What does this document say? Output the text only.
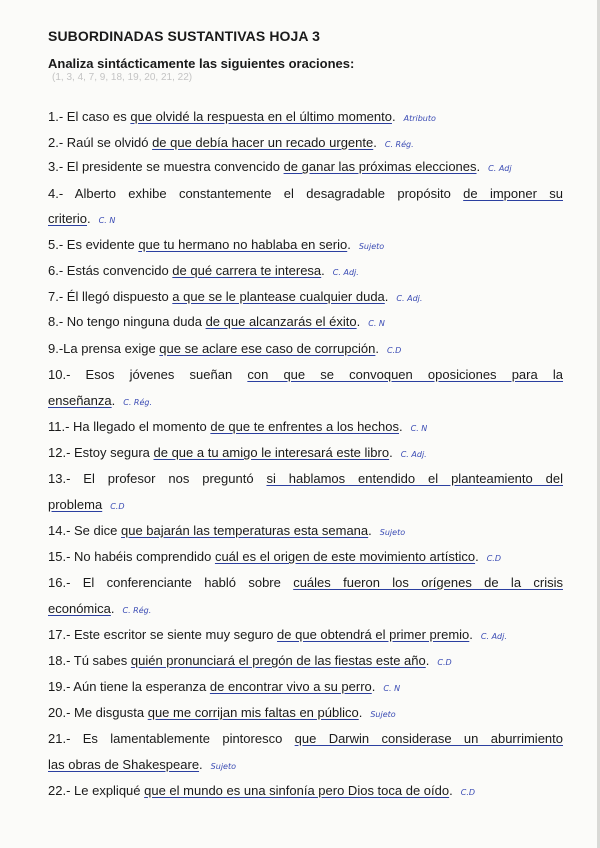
SUBORDINADAS SUSTANTIVAS HOJA 3
Analiza sintácticamente las siguientes oraciones:
(1, 3, 4, 7, 9, 18, 19, 20, 21, 22)
1.- El caso es que olvidé la respuesta en el último momento. Atributo
2.- Raúl se olvidó de que debía hacer un recado urgente. C. Rég.
3.- El presidente se muestra convencido de ganar las próximas elecciones. C. Adj
4.- Alberto exhibe constantemente el desagradable propósito de imponer su
criterio. C. N
5.- Es evidente que tu hermano no hablaba en serio. Sujeto
6.- Estás convencido de qué carrera te interesa. C. Adj.
7.- Él llegó dispuesto a que se le plantease cualquier duda. C. Adj.
8.- No tengo ninguna duda de que alcanzarás el éxito. C. N
9.-La prensa exige que se aclare ese caso de corrupción. C.D
10.- Esos jóvenes sueñan con que se convoquen oposiciones para la
enseñanza. C. Rég.
11.- Ha llegado el momento de que te enfrentes a los hechos. C. N
12.- Estoy segura de que a tu amigo le interesará este libro. C. Adj.
13.- El profesor nos preguntó si hablamos entendido el planteamiento del
problema C.D
14.- Se dice que bajarán las temperaturas esta semana. Sujeto
15.- No habéis comprendido cuál es el origen de este movimiento artístico. C.D
16.- El conferenciante habló sobre cuáles fueron los orígenes de la crisis
económica. C. Rég.
17.- Este escritor se siente muy seguro de que obtendrá el primer premio. C. Adj.
18.- Tú sabes quién pronunciará el pregón de las fiestas este año. C.D
19.- Aún tiene la esperanza de encontrar vivo a su perro. C. N
20.- Me disgusta que me corrijan mis faltas en público. Sujeto
21.- Es lamentablemente pintoresco que Darwin considerase un aburrimiento
las obras de Shakespeare. Sujeto
22.- Le expliqué que el mundo es una sinfonía pero Dios toca de oído. C.D
